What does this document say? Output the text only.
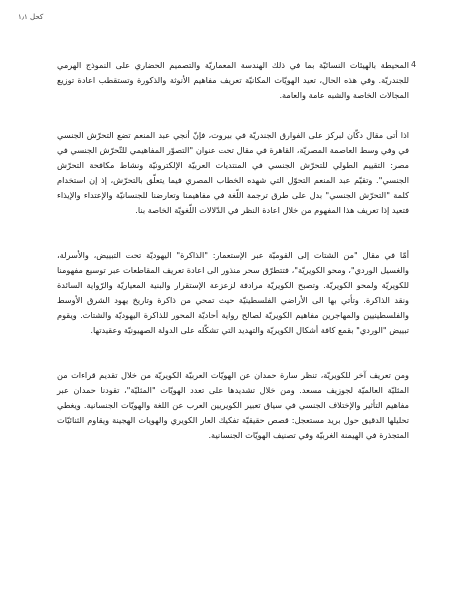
كحل ١٫١
4

المحيطة بالهيئات النسائيّة بما في ذلك الهندسة المعماريّة والتصميم الحضاري على النموذج الهرمي للجندريّة. وفي هذه الحال، تعيد الهويّات المكانيّة تعريف مفاهيم الأنوثة والذكورة وتستقطب اعادة توزيع المجالات الخاصة والشبه عامة والعامة.

اذا أتى مقال دكّان لبركز على الفوارق الجندريّة في بيروت، فإنّ أنجي عبد المنعم تضع التحرّش الجنسي في وفي وسط العاصمة المصريّة، القاهرة في مقال تحت عنوان "التصوّر المفاهيمي للتّحرّش الجنسي في مصر: التقييم الطولي للتحرّش الجنسي في المنتديات العربيّة الإلكترونيّة ونشاط مكافحة التحرّش الجنسي". وتقيّم عبد المنعم التحوّل التي شهده الخطاب المصري فيما يتعلّق بالتحرّش، إذ إن استخدام كلمة "التحرّش الجنسي" بدل على طرق ترجمة اللّغة في مفاهيمنا وتعارضنا للجنسانيّة والإعتداء والإيذاء فتعيد إذا تعريف هذا المفهوم من خلال اعادة النظر في الدّلالات اللّغويّة الخاصة بنا.

أمّا في مقال "من الشتات إلى القوميّة عبر الإستعمار: "الذاكرة" اليهوديّة تحت التبييض، والأسرلة، والغسيل الوردي"، ومحو الكويريّة"، فتتطرّق سحر منذور الى اعادة تعريف المقاطعات عبر توسيع مفهومنا للكويريّة ولمحو الكويريّة. وتصبح الكويريّة مرادفة لزعزعة الإستقرار والبنية المعياريّة والرّواية السائدة ونقد الذاكرة. وتأتي بها الى الأراضي الفلسطينيّة حيث تمحي من ذاكرة وتاريخ يهود الشرق الأوسط والفلسطينيين والمهاجرين مفاهيم الكويريّة لصالح رواية أحاديّة المحور للذاكرة اليهوديّة والشتات. ويقوم تبييض "الوردي" بقمع كافة أشكال الكويريّة والتهديد التي تشكّله على الدولة الصهيونيّة وعقيدتها.

ومن تعريف آخر للكويريّة، تنظر سارة حمدان عن الهويّات العربيّة الكويريّة من خلال تقديم قراءات من المثليّة العالميّة لجوزيف مسعد. ومن خلال تشديدها على تعدد الهويّات "المثليّة"، تقودنا حمدان عبر مفاهيم التأثير والإختلاف الجنسي في سياق تعبير الكويريين العرب عن اللغة والهويّات الجنسانية. ويغطي تحليلها الدقيق حول بريد مستعجل: قصص حقيقيّة تفكيك العار الكويري والهويات الهجينة ويقاوم الثنائيّات المتجذرة في الهيمنة الغربيّة وفي تصنيف الهويّات الجنسانية.
